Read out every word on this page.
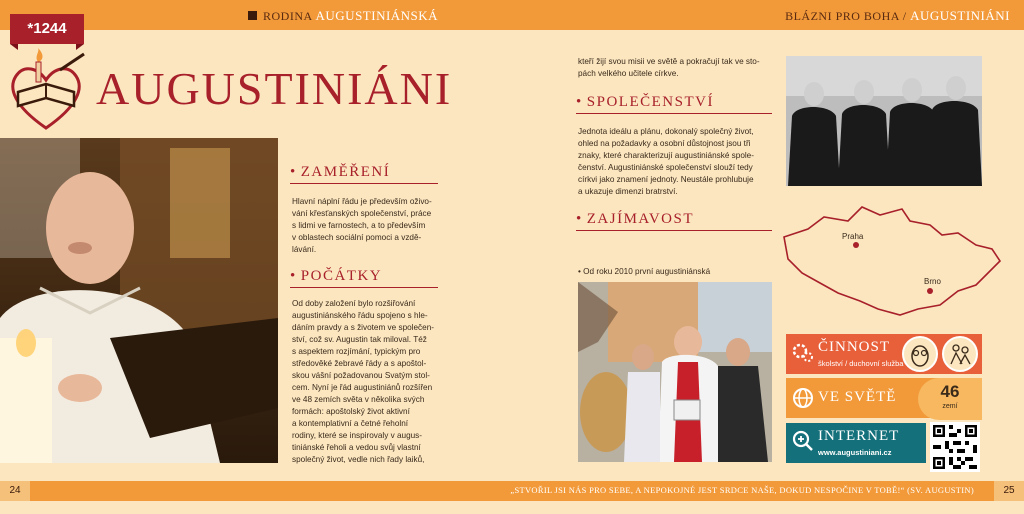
RODINA AUGUSTINIÁNSKÁ	BLÁZNI PRO BOHA / AUGUSTINIÁNI
*1244
AUGUSTINIÁNI
• ZAMĚŘENÍ
Hlavní náplní řádu je především oživo-
vání křesťanských společenství, práce
s lidmi ve farnostech, a to především
v oblastech sociální pomoci a vzdě-
lávání.
• POČÁTKY
Od doby založení bylo rozšiřování
augustiniánského řádu spojeno s hle-
dáním pravdy a s životem ve společen-
ství, což sv. Augustin tak miloval. Též
s aspektem rozjímání, typickým pro
středověké žebravé řády a s apoštol-
skou vášní požadovanou Svatým stol-
cem. Nyní je řád augustiniánů rozšířen
ve 48 zemích světa v několika svých
formách: apoštolský život aktivní
a kontemplativní a četné řeholní
rodiny, které se inspirovaly v augus-
tiniánské řeholi a vedou svůj vlastní
společný život, vedle nich řady laiků,
kteří žijí svou misii ve světě a pokračují tak ve sto-
pách velkého učitele církve.
• SPOLEČENSTVÍ
Jednota ideálu a plánu, dokonalý společný život,
ohled na požadavky a osobní důstojnost jsou tři
znaky, které charakterizují augustiniánské spole-
čenství. Augustiniánské společenství slouží tedy
církvi jako znamení jednoty. Neustále prohlubuje
a ukazuje dimenzi bratrství.
• ZAJÍMAVOST

• Od roku 2010 první augustiniánská

Praha
Brno
ČINNOST
školství / duchovní služba
VE SVĚTĚ	46
zemí
INTERNET
www.augustiniani.cz
24	25
„STVOŘIL JSI NÁS PRO SEBE, A NEPOKOJNÉ JEST SRDCE NAŠE, DOKUD NESPOČINE V TOBĚ!“ (SV. AUGUSTIN)
